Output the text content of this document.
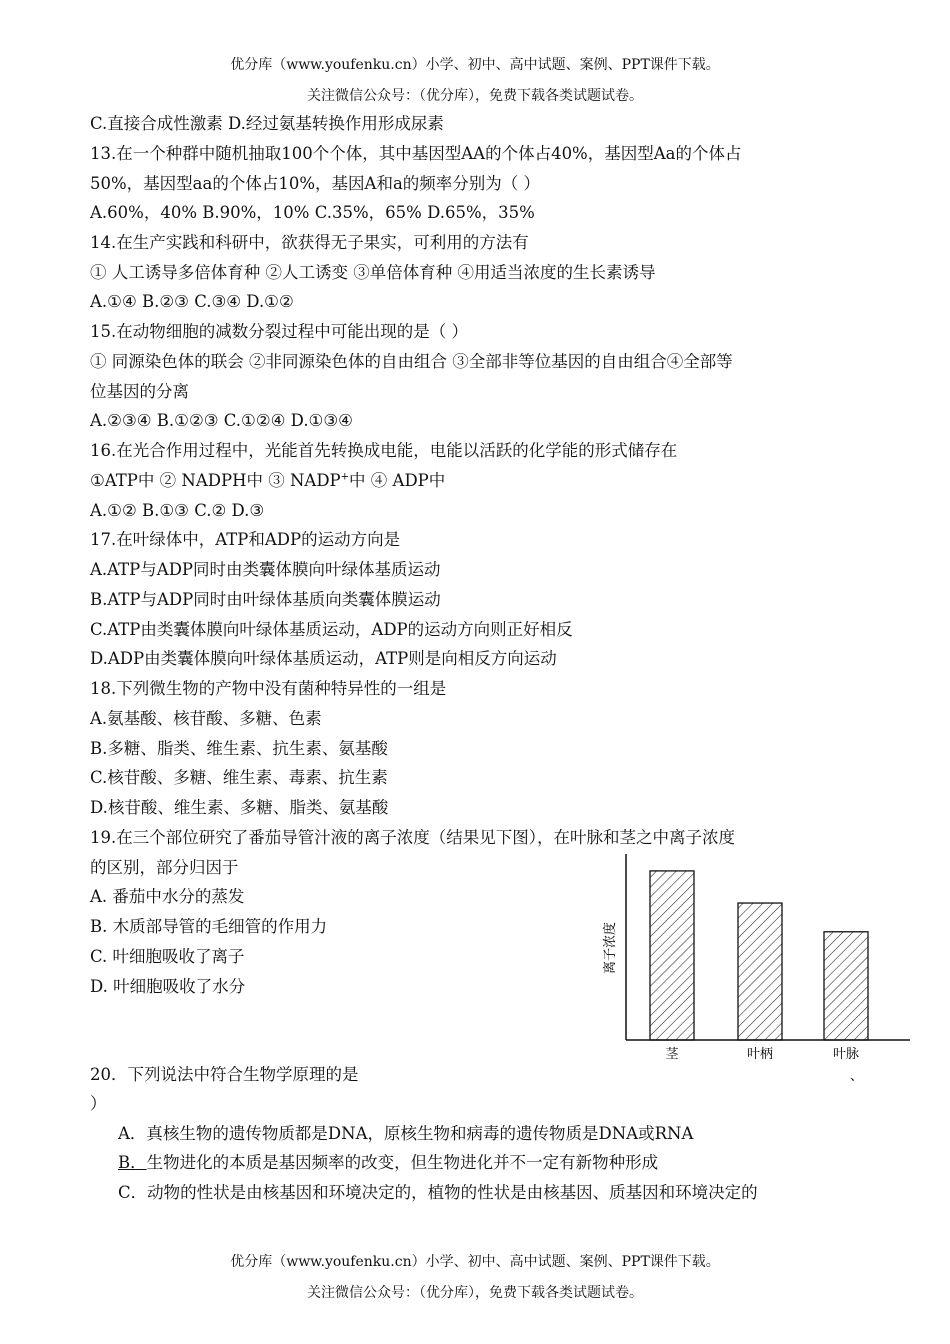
优分库（www.youfenku.cn）小学、初中、高中试题、案例、PPT课件下载。
关注微信公众号：（优分库），免费下载各类试题试卷。
C.直接合成性激素 D.经过氨基转换作用形成尿素
13.在一个种群中随机抽取100个个体，其中基因型AA的个体占40%，基因型Aa的个体占
50%，基因型aa的个体占10%，基因A和a的频率分别为（ ）
A.60%，40% B.90%，10% C.35%，65% D.65%，35%
14.在生产实践和科研中，欲获得无子果实，可利用的方法有
① 人工诱导多倍体育种 ②人工诱变 ③单倍体育种 ④用适当浓度的生长素诱导
A.①④ B.②③ C.③④ D.①②
15.在动物细胞的减数分裂过程中可能出现的是（ ）
① 同源染色体的联会 ②非同源染色体的自由组合 ③全部非等位基因的自由组合④全部等
位基因的分离
A.②③④ B.①②③ C.①②④ D.①③④
16.在光合作用过程中，光能首先转换成电能，电能以活跃的化学能的形式储存在
①ATP中 ② NADPH中 ③ NADP+中 ④ ADP中
A.①② B.①③ C.② D.③
17.在叶绿体中，ATP和ADP的运动方向是
A.ATP与ADP同时由类囊体膜向叶绿体基质运动
B.ATP与ADP同时由叶绿体基质向类囊体膜运动
C.ATP由类囊体膜向叶绿体基质运动，ADP的运动方向则正好相反
D.ADP由类囊体膜向叶绿体基质运动，ATP则是向相反方向运动
18.下列微生物的产物中没有菌种特异性的一组是
A.氨基酸、核苷酸、多糖、色素
B.多糖、脂类、维生素、抗生素、氨基酸
C.核苷酸、多糖、维生素、毒素、抗生素
D.核苷酸、维生素、多糖、脂类、氨基酸
19.在三个部位研究了番茄导管汁液的离子浓度（结果见下图），在叶脉和茎之中离子浓度
的区别，部分归因于
A. 番茄中水分的蒸发
B. 木质部导管的毛细管的作用力
C. 叶细胞吸收了离子
D. 叶细胞吸收了水分
茎	叶柄	叶脉
离子浓度
、
20．下列说法中符合生物学原理的是
）
A．真核生物的遗传物质都是DNA，原核生物和病毒的遗传物质是DNA或RNA
B．生物进化的本质是基因频率的改变，但生物进化并不一定有新物种形成
C．动物的性状是由核基因和环境决定的，植物的性状是由核基因、质基因和环境决定的
优分库（www.youfenku.cn）小学、初中、高中试题、案例、PPT课件下载。
关注微信公众号：（优分库），免费下载各类试题试卷。
